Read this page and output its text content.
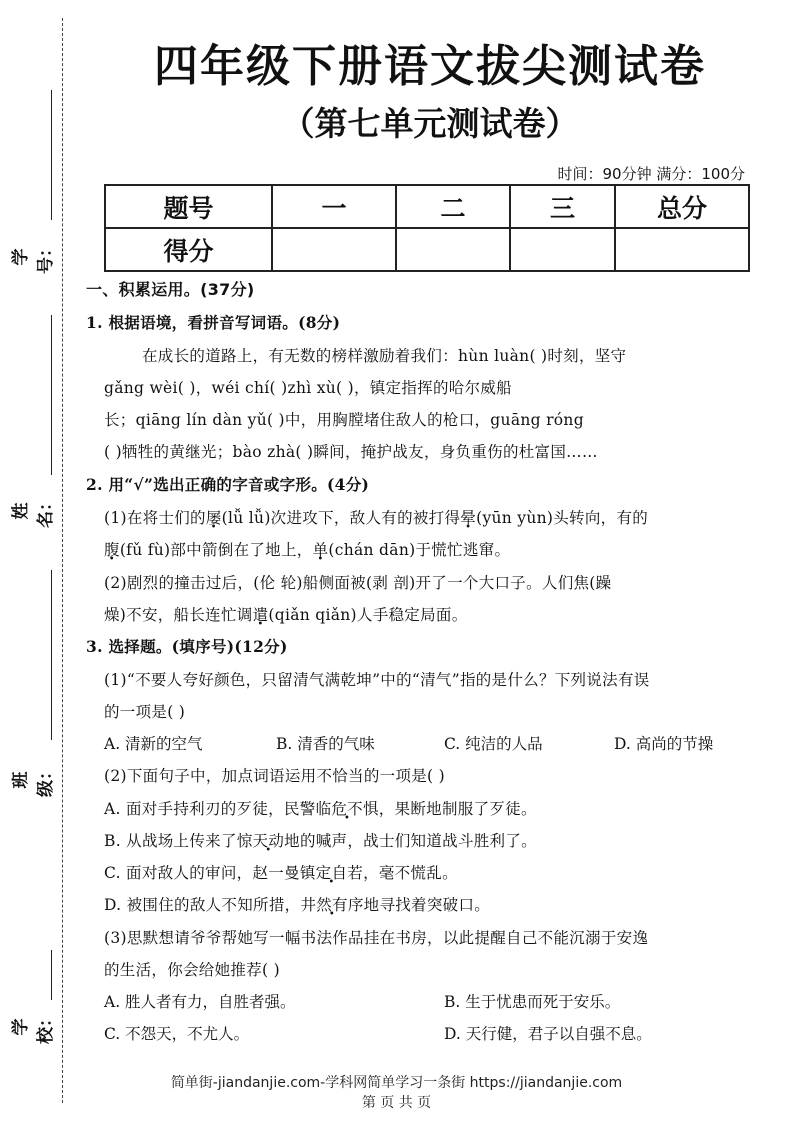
学校：
班级：
姓名：
学号：
四年级下册语文拔尖测试卷
（第七单元测试卷）
时间：90分钟 满分：100分
题号	一	二	三	总分
得分				
一、积累运用。(37分)
1. 根据语境，看拼音写词语。(8分)
在成长的道路上，有无数的榜样激励着我们：hùn luàn( )时刻，坚守
gǎng wèi( )，wéi chí( )zhì xù( )，镇定指挥的哈尔威船
长；qiāng lín dàn yǔ( )中，用胸膛堵住敌人的枪口，guāng róng
( )牺牲的黄继光；bào zhà( )瞬间，掩护战友，身负重伤的杜富国……
2. 用“√”选出正确的字音或字形。(4分)
(1)在将士们的屡(lǚ lǚ)次进攻下，敌人有的被打得晕(yūn yùn)头转向，有的
腹(fǔ fù)部中箭倒在了地上，单(chán dān)于慌忙逃窜。
(2)剧烈的撞击过后，(伦 轮)船侧面被(剥 剖)开了一个大口子。人们焦(躁
燥)不安，船长连忙调遣(qiǎn qiǎn)人手稳定局面。
3. 选择题。(填序号)(12分)
(1)“不要人夸好颜色，只留清气满乾坤”中的“清气”指的是什么？下列说法有误
的一项是( )
A. 清新的空气	B. 清香的气味	C. 纯洁的人品	D. 高尚的节操
(2)下面句子中，加点词语运用不恰当的一项是( )
A. 面对手持利刃的歹徒，民警临危不惧，果断地制服了歹徒。
B. 从战场上传来了惊天动地的喊声，战士们知道战斗胜利了。
C. 面对敌人的审问，赵一曼镇定自若，毫不慌乱。
D. 被围住的敌人不知所措，井然有序地寻找着突破口。
(3)思默想请爷爷帮她写一幅书法作品挂在书房，以此提醒自己不能沉溺于安逸
的生活，你会给她推荐( )
A. 胜人者有力，自胜者强。	B. 生于忧患而死于安乐。
C. 不怨天，不尤人。	D. 天行健，君子以自强不息。
简单街-jiandanjie.com-学科网简单学习一条街 https://jiandanjie.com
第 页 共 页
